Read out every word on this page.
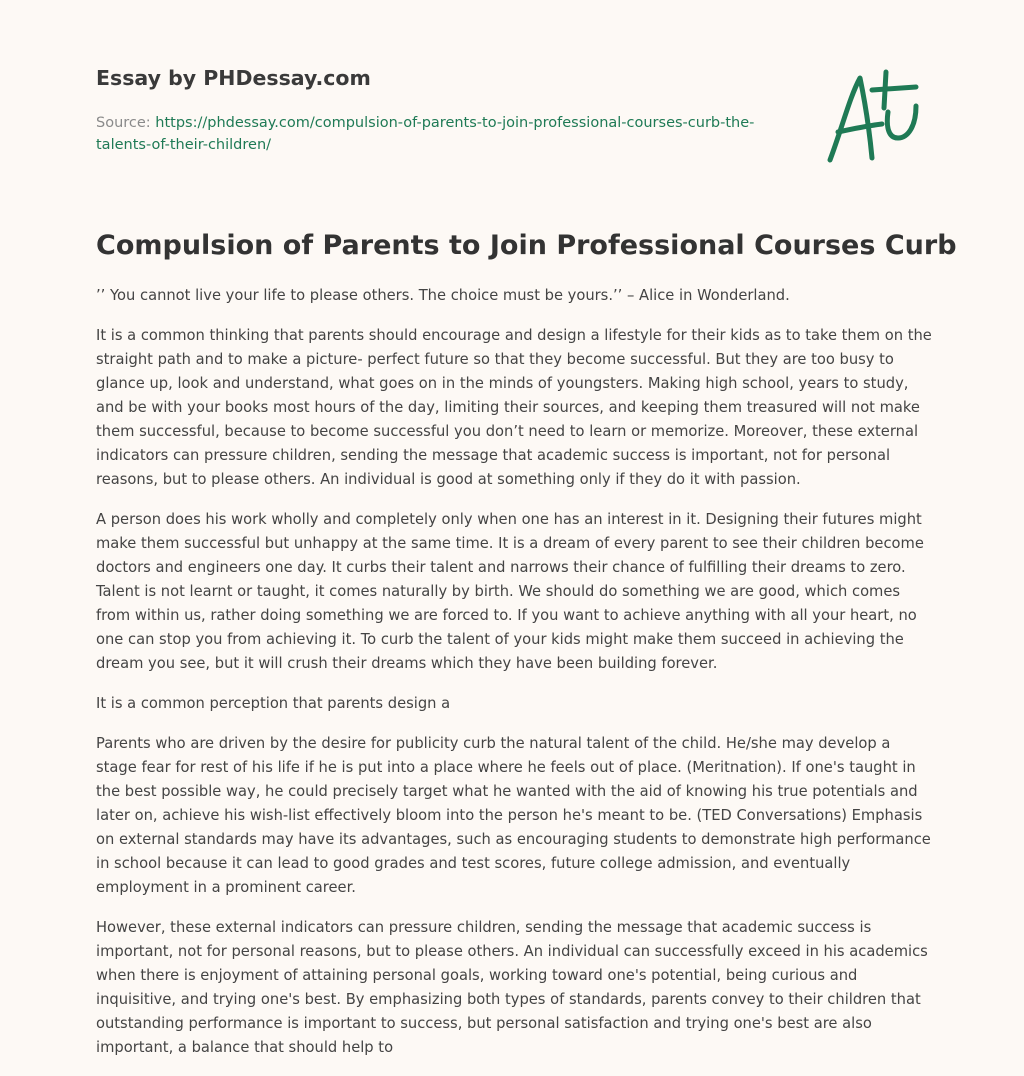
Essay by PHDessay.com
Source: https://phdessay.com/compulsion-of-parents-to-join-professional-courses-curb-the-talents-of-their-children/
Compulsion of Parents to Join Professional Courses Curb

’’ You cannot live your life to please others. The choice must be yours.’’ – Alice in Wonderland.

It is a common thinking that parents should encourage and design a lifestyle for their kids as to take them on the straight path and to make a picture- perfect future so that they become successful. But they are too busy to glance up, look and understand, what goes on in the minds of youngsters. Making high school, years to study, and be with your books most hours of the day, limiting their sources, and keeping them treasured will not make them successful, because to become successful you don’t need to learn or memorize. Moreover, these external indicators can pressure children, sending the message that academic success is important, not for personal reasons, but to please others. An individual is good at something only if they do it with passion.

A person does his work wholly and completely only when one has an interest in it. Designing their futures might make them successful but unhappy at the same time. It is a dream of every parent to see their children become doctors and engineers one day. It curbs their talent and narrows their chance of fulfilling their dreams to zero. Talent is not learnt or taught, it comes naturally by birth. We should do something we are good, which comes from within us, rather doing something we are forced to. If you want to achieve anything with all your heart, no one can stop you from achieving it. To curb the talent of your kids might make them succeed in achieving the dream you see, but it will crush their dreams which they have been building forever.

It is a common perception that parents design a

Parents who are driven by the desire for publicity curb the natural talent of the child. He/she may develop a stage fear for rest of his life if he is put into a place where he feels out of place. (Meritnation). If one's taught in the best possible way, he could precisely target what he wanted with the aid of knowing his true potentials and later on, achieve his wish-list effectively bloom into the person he's meant to be. (TED Conversations) Emphasis on external standards may have its advantages, such as encouraging students to demonstrate high performance in school because it can lead to good grades and test scores, future college admission, and eventually employment in a prominent career.

However, these external indicators can pressure children, sending the message that academic success is important, not for personal reasons, but to please others. An individual can successfully exceed in his academics when there is enjoyment of attaining personal goals, working toward one's potential, being curious and inquisitive, and trying one's best. By emphasizing both types of standards, parents convey to their children that outstanding performance is important to success, but personal satisfaction and trying one's best are also important, a balance that should help to
